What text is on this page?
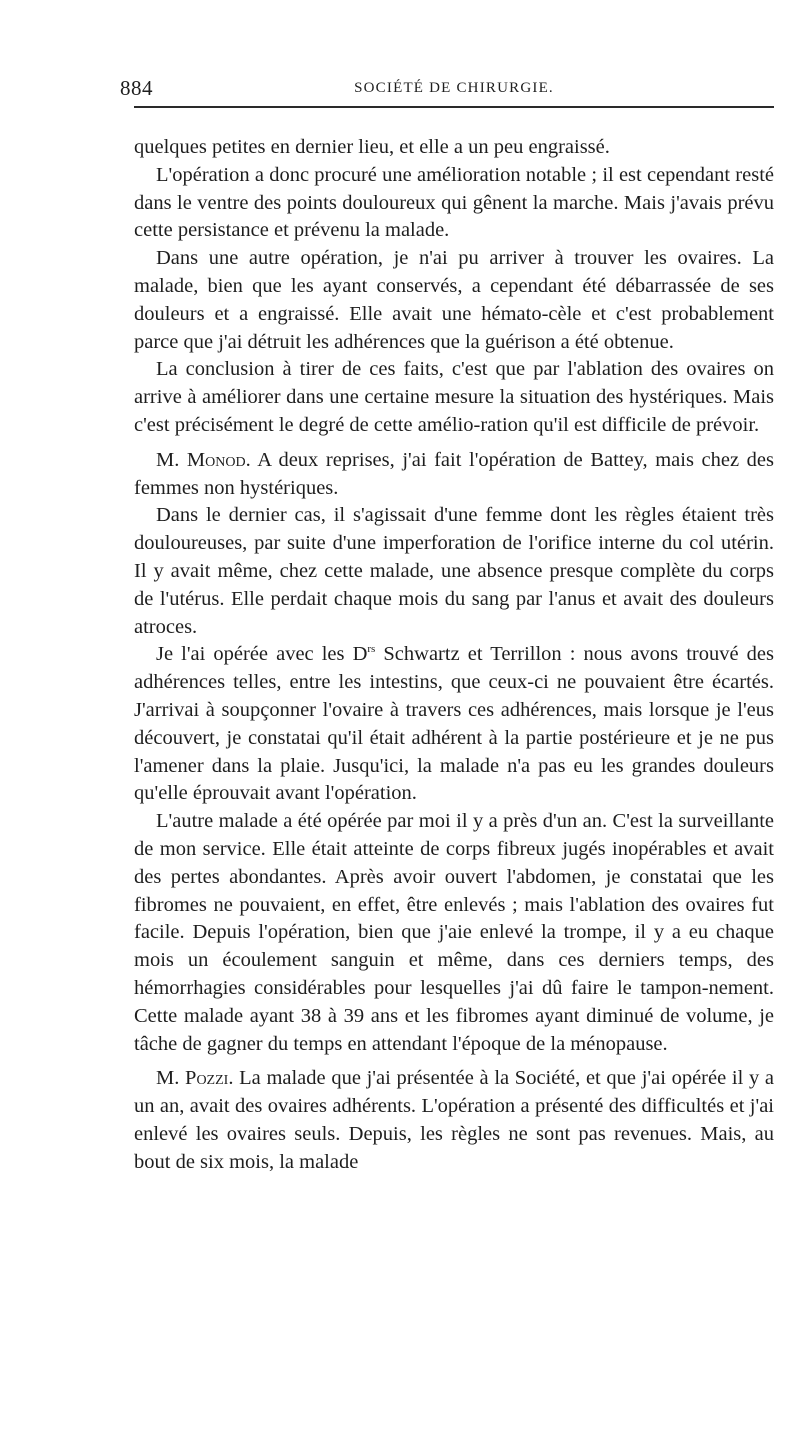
884	SOCIÉTÉ DE CHIRURGIE.

quelques petites en dernier lieu, et elle a un peu engraissé.

L'opération a donc procuré une amélioration notable ; il est cependant resté dans le ventre des points douloureux qui gênent la marche. Mais j'avais prévu cette persistance et prévenu la malade.

Dans une autre opération, je n'ai pu arriver à trouver les ovaires. La malade, bien que les ayant conservés, a cependant été débarrassée de ses douleurs et a engraissé. Elle avait une hémato-cèle et c'est probablement parce que j'ai détruit les adhérences que la guérison a été obtenue.

La conclusion à tirer de ces faits, c'est que par l'ablation des ovaires on arrive à améliorer dans une certaine mesure la situation des hystériques. Mais c'est précisément le degré de cette amélio-ration qu'il est difficile de prévoir.

M. Monod. A deux reprises, j'ai fait l'opération de Battey, mais chez des femmes non hystériques.

Dans le dernier cas, il s'agissait d'une femme dont les règles étaient très douloureuses, par suite d'une imperforation de l'orifice interne du col utérin. Il y avait même, chez cette malade, une absence presque complète du corps de l'utérus. Elle perdait chaque mois du sang par l'anus et avait des douleurs atroces.

Je l'ai opérée avec les $D^{rs}$ Schwartz et Terrillon : nous avons trouvé des adhérences telles, entre les intestins, que ceux-ci ne pouvaient être écartés. J'arrivai à soupçonner l'ovaire à travers ces adhérences, mais lorsque je l'eus découvert, je constatai qu'il était adhérent à la partie postérieure et je ne pus l'amener dans la plaie. Jusqu'ici, la malade n'a pas eu les grandes douleurs qu'elle éprouvait avant l'opération.

L'autre malade a été opérée par moi il y a près d'un an. C'est la surveillante de mon service. Elle était atteinte de corps fibreux jugés inopérables et avait des pertes abondantes. Après avoir ouvert l'abdomen, je constatai que les fibromes ne pouvaient, en effet, être enlevés ; mais l'ablation des ovaires fut facile. Depuis l'opération, bien que j'aie enlevé la trompe, il y a eu chaque mois un écoulement sanguin et même, dans ces derniers temps, des hémorrhagies considérables pour lesquelles j'ai dû faire le tampon-nement. Cette malade ayant 38 à 39 ans et les fibromes ayant diminué de volume, je tâche de gagner du temps en attendant l'époque de la ménopause.

M. Pozzi. La malade que j'ai présentée à la Société, et que j'ai opérée il y a un an, avait des ovaires adhérents. L'opération a présenté des difficultés et j'ai enlevé les ovaires seuls. Depuis, les règles ne sont pas revenues. Mais, au bout de six mois, la malade
